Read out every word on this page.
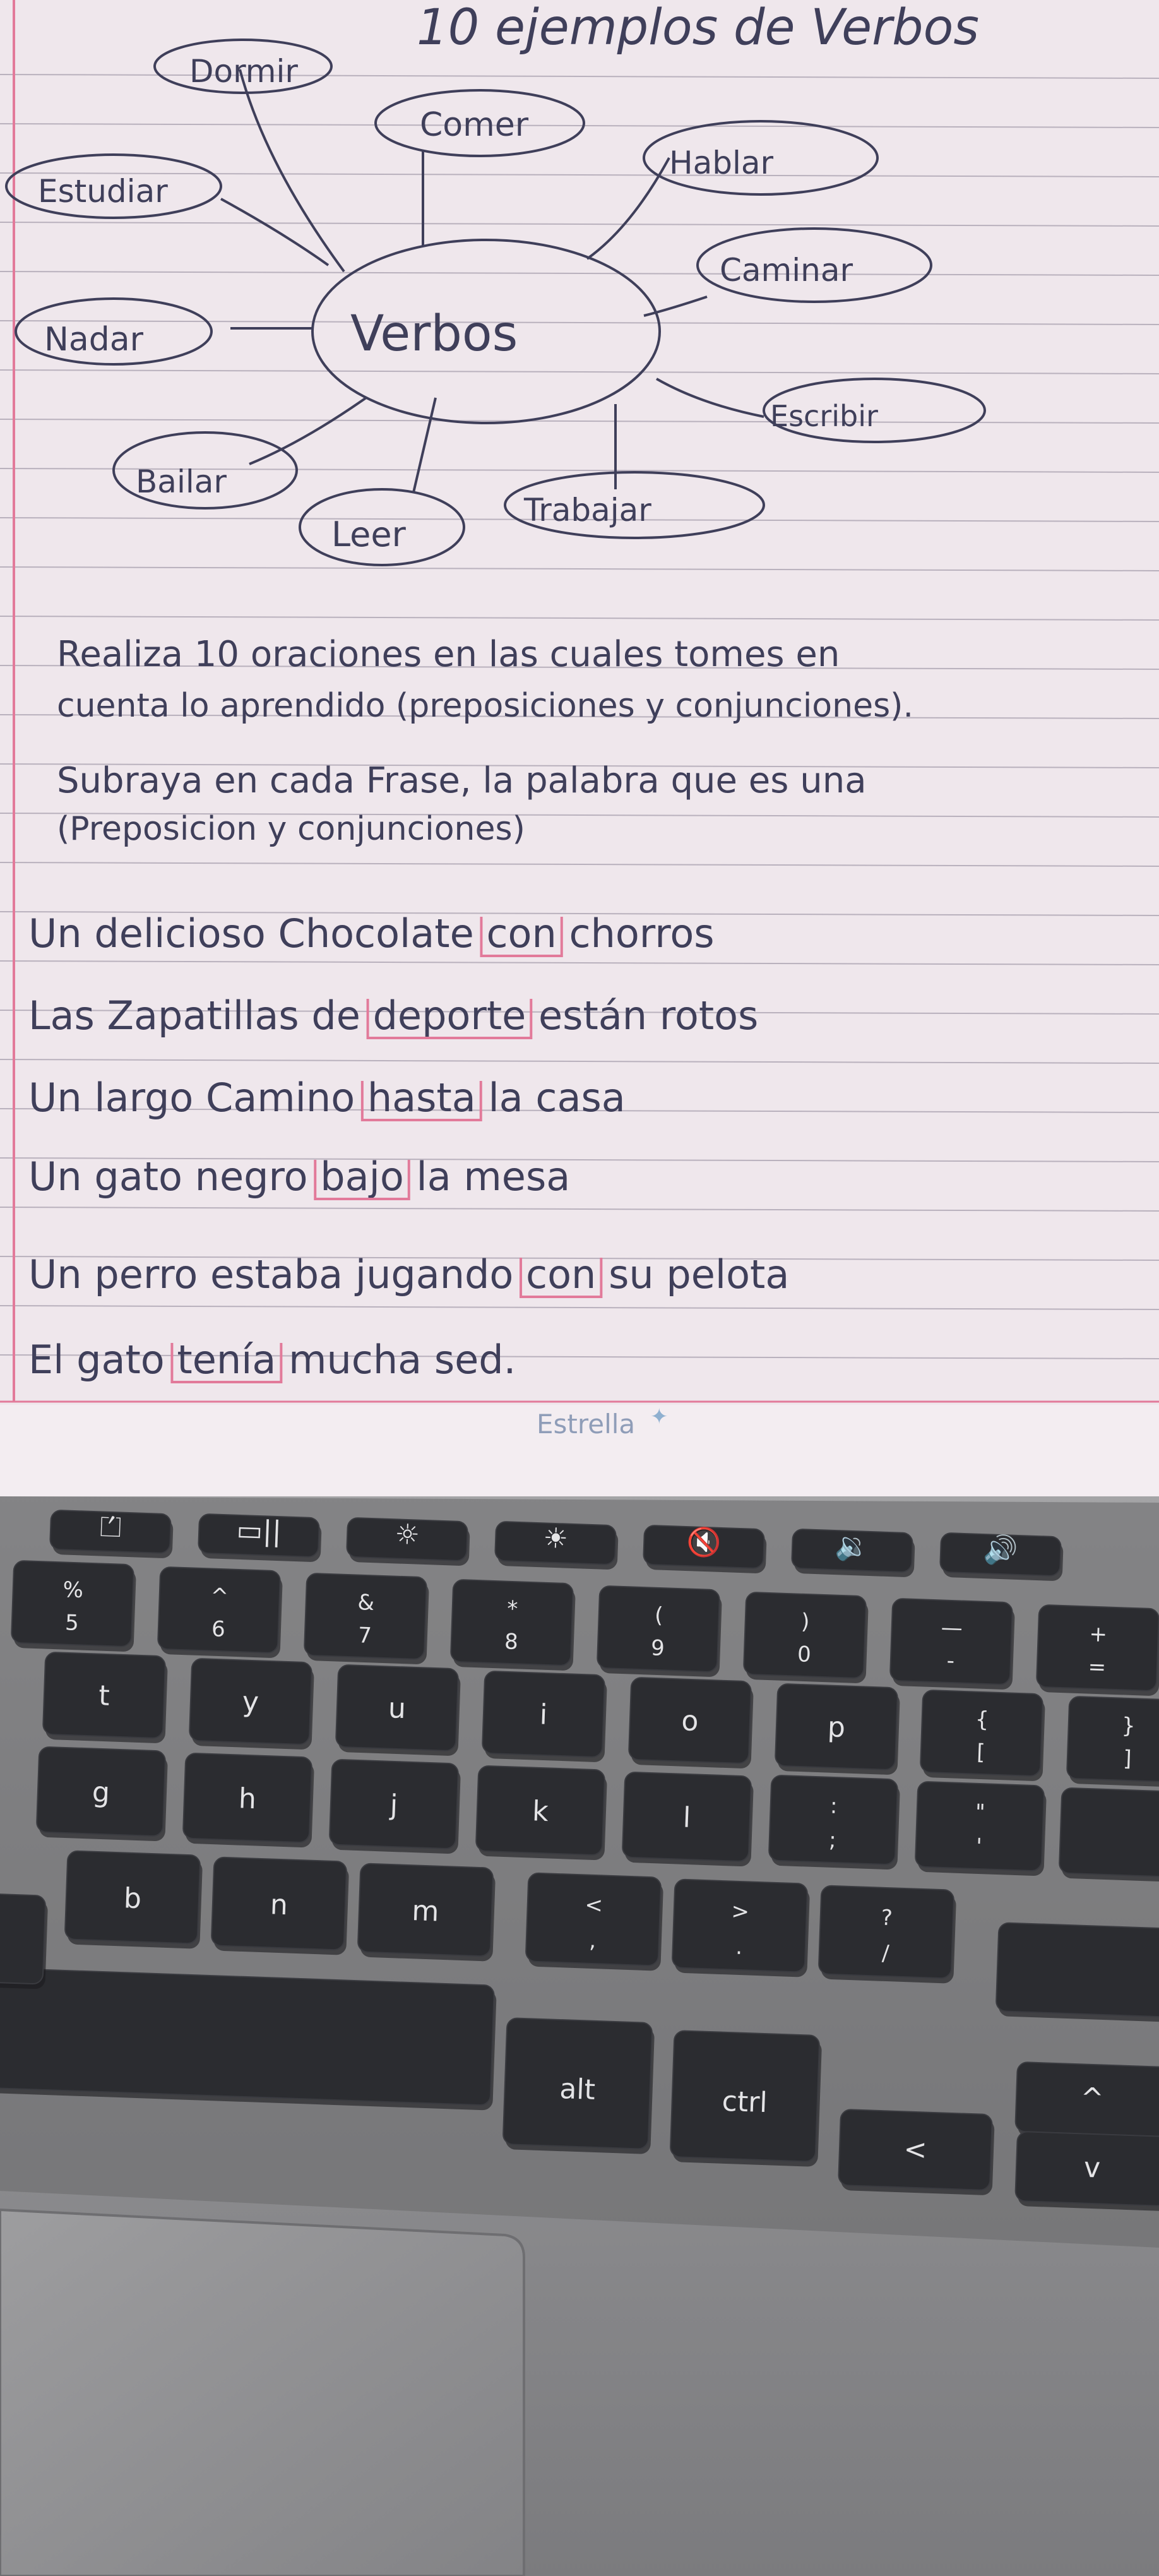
⏍	▭||	☼	☀	🔇	🔉	🔊
%
5
^
6
&
7
*
8
(
9
)
0
—
-
+
=
t	y	u	i	o	p	{
[
}
]
g	h	j	k	l	:
;
"
'
b	n	m	<
,
>
.
?
/
alt	ctrl
<
^
v
10 ejemplos de Verbos
Verbos
Dormir
Comer
Hablar
Estudiar
Caminar
Nadar
Escribir
Bailar
Trabajar
Leer
Realiza 10 oraciones en las cuales tomes en
cuenta lo aprendido (preposiciones y conjunciones).
Subraya en cada Frase, la palabra que es una
(Preposicion y conjunciones)
Un delicioso Chocolate con chorros
Las Zapatillas de deporte están rotos
Un largo Camino hasta la casa
Un gato negro bajo la mesa
Un perro estaba jugando con su pelota
El gato tenía mucha sed.
Estrella ✦
